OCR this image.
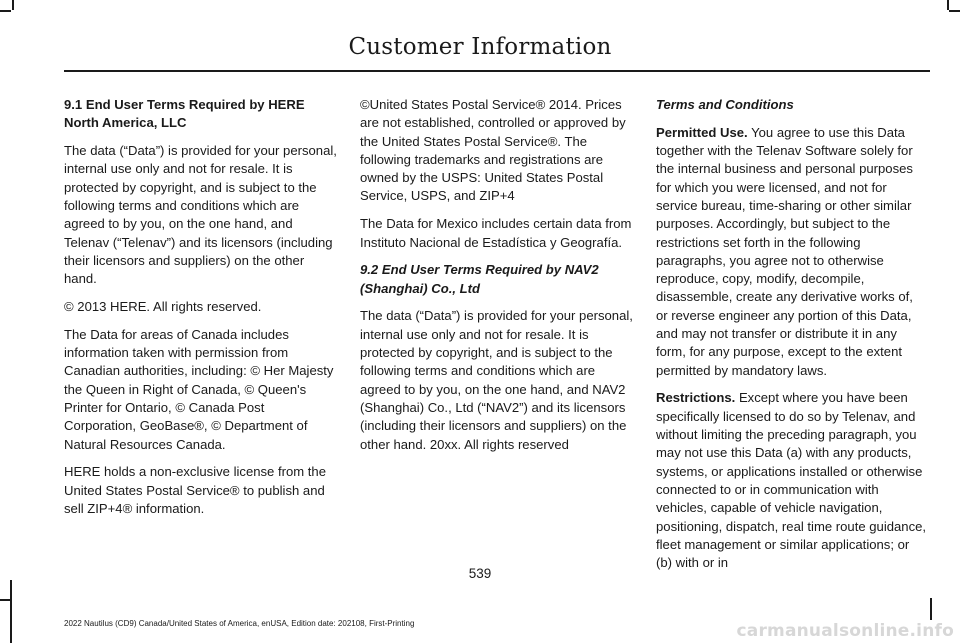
Customer Information

9.1 End User Terms Required by HERE North America, LLC

The data (“Data”) is provided for your personal, internal use only and not for resale. It is protected by copyright, and is subject to the following terms and conditions which are agreed to by you, on the one hand, and Telenav (“Telenav”) and its licensors (including their licensors and suppliers) on the other hand.

© 2013 HERE. All rights reserved.

The Data for areas of Canada includes information taken with permission from Canadian authorities, including: © Her Majesty the Queen in Right of Canada, © Queen's Printer for Ontario, © Canada Post Corporation, GeoBase®, © Department of Natural Resources Canada.

HERE holds a non-exclusive license from the United States Postal Service® to publish and sell ZIP+4® information.

©United States Postal Service® 2014. Prices are not established, controlled or approved by the United States Postal Service®. The following trademarks and registrations are owned by the USPS: United States Postal Service, USPS, and ZIP+4

The Data for Mexico includes certain data from Instituto Nacional de Estadística y Geografía.

9.2 End User Terms Required by NAV2 (Shanghai) Co., Ltd

The data (“Data”) is provided for your personal, internal use only and not for resale. It is protected by copyright, and is subject to the following terms and conditions which are agreed to by you, on the one hand, and NAV2 (Shanghai) Co., Ltd (“NAV2”) and its licensors (including their licensors and suppliers) on the other hand. 20xx. All rights reserved

Terms and Conditions

Permitted Use. You agree to use this Data together with the Telenav Software solely for the internal business and personal purposes for which you were licensed, and not for service bureau, time-sharing or other similar purposes. Accordingly, but subject to the restrictions set forth in the following paragraphs, you agree not to otherwise reproduce, copy, modify, decompile, disassemble, create any derivative works of, or reverse engineer any portion of this Data, and may not transfer or distribute it in any form, for any purpose, except to the extent permitted by mandatory laws.

Restrictions. Except where you have been specifically licensed to do so by Telenav, and without limiting the preceding paragraph, you may not use this Data (a) with any products, systems, or applications installed or otherwise connected to or in communication with vehicles, capable of vehicle navigation, positioning, dispatch, real time route guidance, fleet management or similar applications; or (b) with or in

539
2022 Nautilus (CD9) Canada/United States of America, enUSA, Edition date: 202108, First-Printing	carmanualsonline.info
